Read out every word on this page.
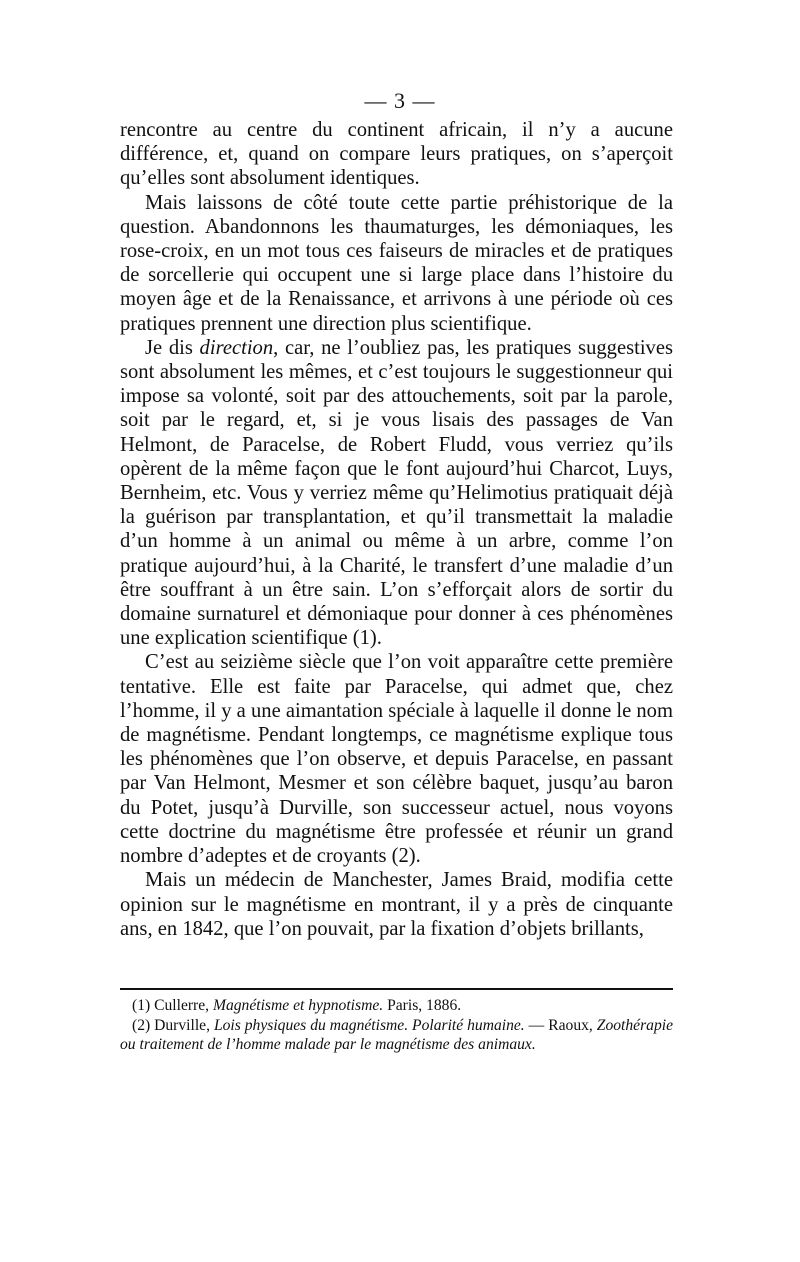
— 3 —

rencontre au centre du continent africain, il n’y a aucune différence, et, quand on compare leurs pratiques, on s’aperçoit qu’elles sont absolument identiques.

Mais laissons de côté toute cette partie préhistorique de la question. Abandonnons les thaumaturges, les démoniaques, les rose-croix, en un mot tous ces faiseurs de miracles et de pratiques de sorcellerie qui occupent une si large place dans l’histoire du moyen âge et de la Renaissance, et arrivons à une période où ces pratiques prennent une direction plus scientifique.

Je dis direction, car, ne l’oubliez pas, les pratiques suggestives sont absolument les mêmes, et c’est toujours le suggestionneur qui impose sa volonté, soit par des attouchements, soit par la parole, soit par le regard, et, si je vous lisais des passages de Van Helmont, de Paracelse, de Robert Fludd, vous verriez qu’ils opèrent de la même façon que le font aujourd’hui Charcot, Luys, Bernheim, etc. Vous y verriez même qu’Helimotius pratiquait déjà la guérison par transplantation, et qu’il transmettait la maladie d’un homme à un animal ou même à un arbre, comme l’on pratique aujourd’hui, à la Charité, le transfert d’une maladie d’un être souffrant à un être sain. L’on s’efforçait alors de sortir du domaine surnaturel et démoniaque pour donner à ces phénomènes une explication scientifique (1).

C’est au seizième siècle que l’on voit apparaître cette première tentative. Elle est faite par Paracelse, qui admet que, chez l’homme, il y a une aimantation spéciale à laquelle il donne le nom de magnétisme. Pendant longtemps, ce magnétisme explique tous les phénomènes que l’on observe, et depuis Paracelse, en passant par Van Helmont, Mesmer et son célèbre baquet, jusqu’au baron du Potet, jusqu’à Durville, son successeur actuel, nous voyons cette doctrine du magnétisme être professée et réunir un grand nombre d’adeptes et de croyants (2).

Mais un médecin de Manchester, James Braid, modifia cette opinion sur le magnétisme en montrant, il y a près de cinquante ans, en 1842, que l’on pouvait, par la fixation d’objets brillants,

(1) Cullerre, Magnétisme et hypnotisme. Paris, 1886.

(2) Durville, Lois physiques du magnétisme. Polarité humaine. — Raoux, Zoothérapie ou traitement de l’homme malade par le magnétisme des animaux.
